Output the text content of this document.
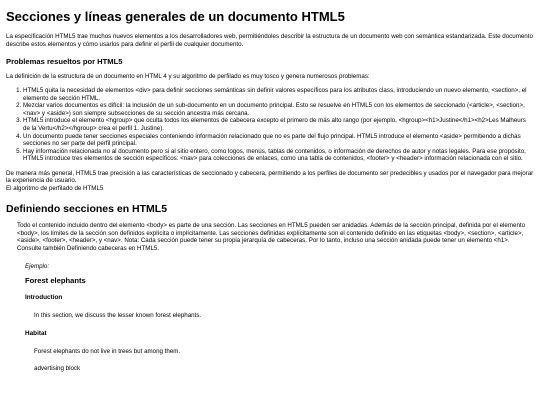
Secciones y líneas generales de un documento HTML5

La especificación HTML5 trae muchos nuevos elementos a los desarrolladores web, permitiéndoles describir la estructura de un documento web con semántica estandarizada. Este documento describe estos elementos y cómo usarlos para definir el perfil de cualquier documento.

Problemas resueltos por HTML5

La definición de la estructura de un documento en HTML 4 y su algoritmo de perfilado es muy tosco y genera numerosos problemas:

1. HTML5 quita la necesidad de elementos <div> para definir secciones semánticas sin definir valores específicos para los atributos class, introduciendo un nuevo elemento, <section>, el elemento de sección HTML.
2. Mezclar varios documentos es difícil: la inclusión de un sub-documento en un documento principal. Esto se resuelve en HTML5 con los elementos de seccionado (<article>, <section>, <nav> y <aside>) son siempre subsecciones de su sección ancestra más cercana.
3. HTML5 introduce el elemento <hgroup> que oculta todos los elementos de cabecera excepto el primero de más alto rango (por ejemplo, <hgroup><h1>Justine</h1><h2>Les Malheurs de la Vertu</h2></hgroup> crea el perfil 1. Justine).
4. Un documento puede tener secciones especiales conteniendo información relacionado que no es parte del flujo principal. HTML5 introduce el elemento <aside> permitiendo a dichas secciones no ser parte del perfil principal.
5. Hay información relacionada no al documento pero si al sitio entero, como logos, menús, tablas de contenidos, o información de derechos de autor y notas legales. Para ese propósito, HTML5 introduce tres elementos de sección específicos: <nav> para colecciones de enlaces, como una tabla de contenidos, <footer> y <header> información relacionada con el sitio.

De manera más general, HTML5 trae precisión a las características de seccionado y cabecera, permitiendo a los perfiles de documento ser predecibles y usados por el navegador para mejorar la experiencia de usuario.
El algoritmo de perfilado de HTML5

Definiendo secciones en HTML5

Todo el contenido incluido dentro del elemento <body> es parte de una sección. Las secciones en HTML5 pueden ser anidadas. Además de la sección principal, definida por el elemento <body>, los límites de la sección son definidos explícita o implícitamente. Las secciones definidas explícitamente son el contenido definido en las etiquetas <body>, <section>, <article>, <aside>, <footer>, <header>, y <nav>. Nota: Cada sección puede tener su propia jerarquía de cabeceras. Por lo tanto, incluso una sección anidada puede tener un elemento <h1>. Consulte también Definiendo cabeceras en HTML5.

Ejemplo:
Forest elephants
Introduction
In this section, we discuss the lesser known forest elephants.
Habitat
Forest elephants do not live in trees but among them.
advertising block
